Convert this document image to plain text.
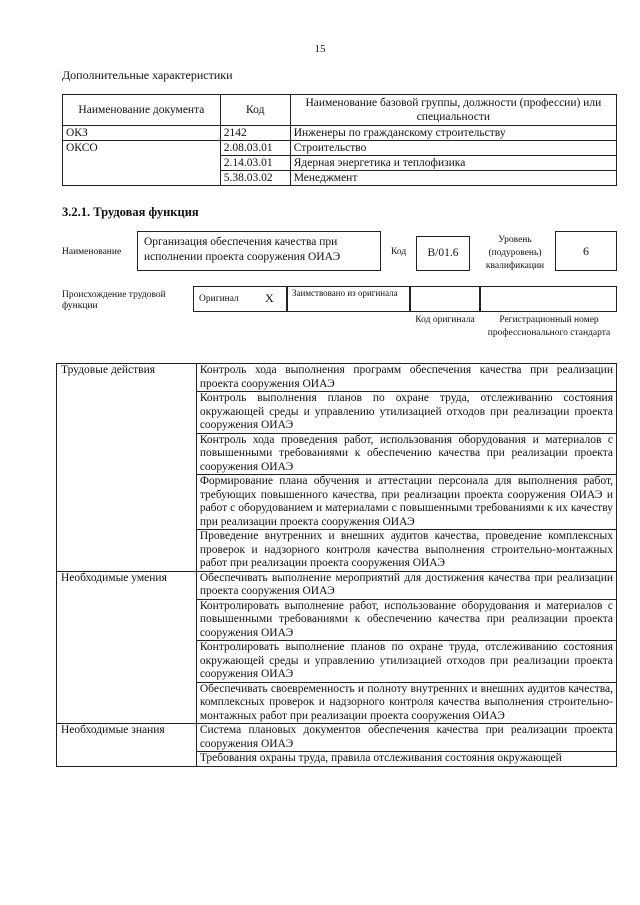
15
Дополнительные характеристики
Наименование документа	Код	Наименование базовой группы, должности (профессии) или специальности
ОКЗ	2142	Инженеры по гражданскому строительству
ОКСО	2.08.03.01	Строительство
	2.14.03.01	Ядерная энергетика и теплофизика
	5.38.03.02	Менеджмент
3.2.1. Трудовая функция
Наименование
Организация обеспечения качества при исполнении проекта сооружения ОИАЭ	Код	B/01.6
Уровень (подуровень) квалификации
6
Происхождение трудовой функции
Оригинал X	Заимствовано из оригинала
Код оригинала	Регистрационный номер профессионального стандарта
Трудовые действия	Контроль хода выполнения программ обеспечения качества при реализации проекта сооружения ОИАЭ
	Контроль выполнения планов по охране труда, отслеживанию состояния окружающей среды и управлению утилизацией отходов при реализации проекта сооружения ОИАЭ
	Контроль хода проведения работ, использования оборудования и материалов с повышенными требованиями к обеспечению качества при реализации проекта сооружения ОИАЭ
	Формирование плана обучения и аттестации персонала для выполнения работ, требующих повышенного качества, при реализации проекта сооружения ОИАЭ и работ с оборудованием и материалами с повышенными требованиями к их качеству при реализации проекта сооружения ОИАЭ
	Проведение внутренних и внешних аудитов качества, проведение комплексных проверок и надзорного контроля качества выполнения строительно-монтажных работ при реализации проекта сооружения ОИАЭ
Необходимые умения	Обеспечивать выполнение мероприятий для достижения качества при реализации проекта сооружения ОИАЭ
	Контролировать выполнение работ, использование оборудования и материалов с повышенными требованиями к обеспечению качества при реализации проекта сооружения ОИАЭ
	Контролировать выполнение планов по охране труда, отслеживанию состояния окружающей среды и управлению утилизацией отходов при реализации проекта сооружения ОИАЭ
	Обеспечивать своевременность и полноту внутренних и внешних аудитов качества, комплексных проверок и надзорного контроля качества выполнения строительно-монтажных работ при реализации проекта сооружения ОИАЭ
Необходимые знания	Система плановых документов обеспечения качества при реализации проекта сооружения ОИАЭ
	Требования охраны труда, правила отслеживания состояния окружающей
